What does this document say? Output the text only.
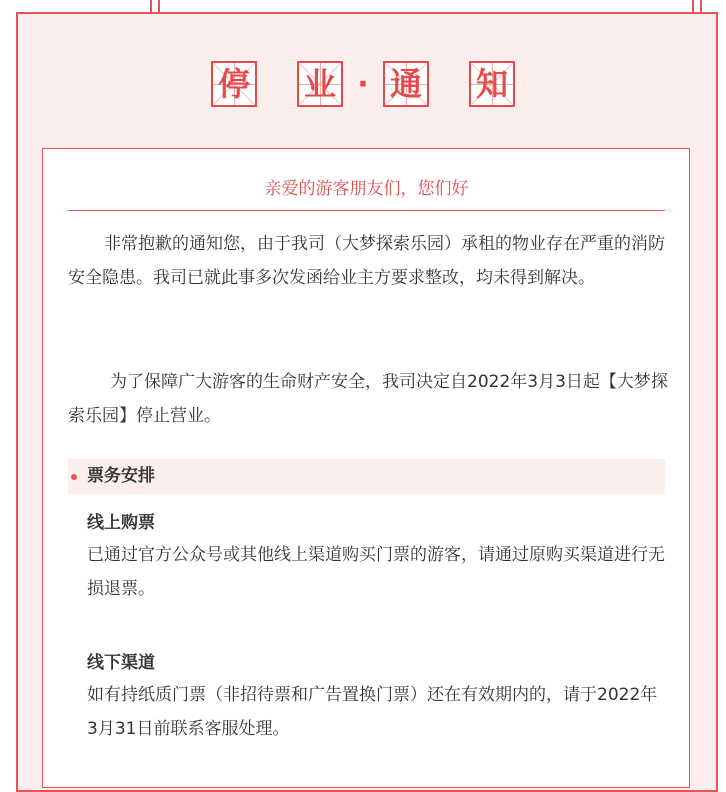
停 业 · 通 知
亲爱的游客朋友们，您们好

非常抱歉的通知您，由于我司（大梦探索乐园）承租的物业存在严重的消防安全隐患。我司已就此事多次发函给业主方要求整改，均未得到解决。

为了保障广大游客的生命财产安全，我司决定自2022年3月3日起【大梦探索乐园】停止营业。

票务安排
线上购票

已通过官方公众号或其他线上渠道购买门票的游客，请通过原购买渠道进行无损退票。

线下渠道

如有持纸质门票（非招待票和广告置换门票）还在有效期内的，请于2022年3月31日前联系客服处理。
